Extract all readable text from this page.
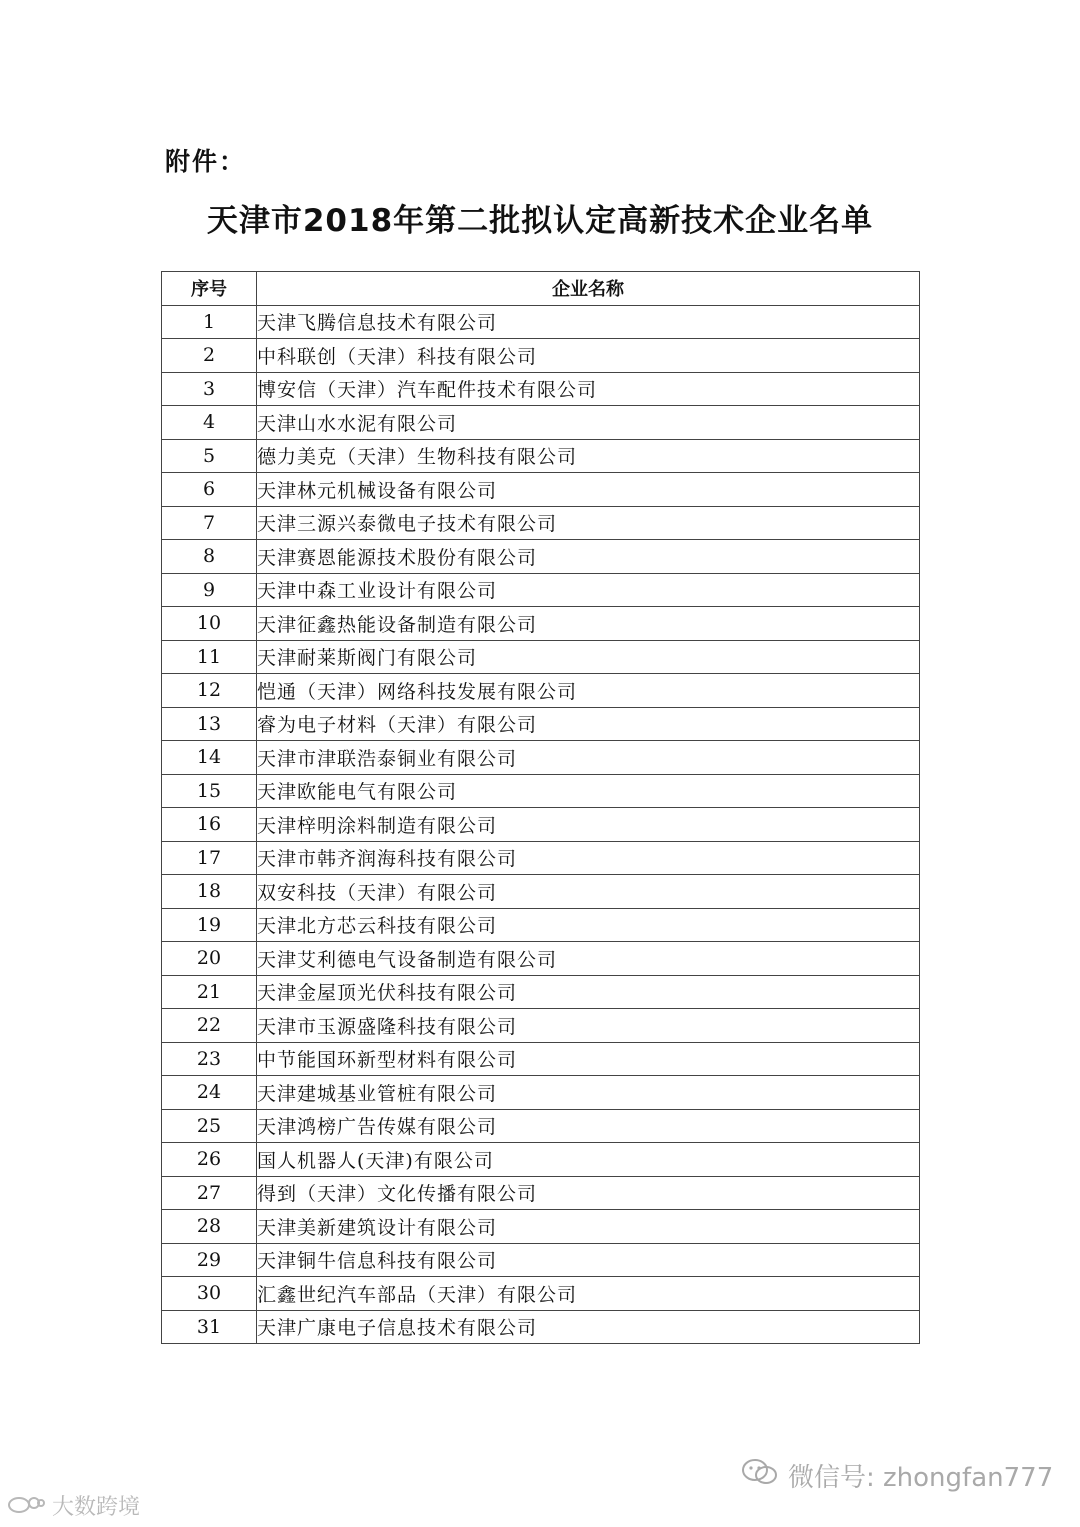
附件：
天津市2018年第二批拟认定高新技术企业名单
序号	企业名称
1	天津飞腾信息技术有限公司
2	中科联创（天津）科技有限公司
3	博安信（天津）汽车配件技术有限公司
4	天津山水水泥有限公司
5	德力美克（天津）生物科技有限公司
6	天津林元机械设备有限公司
7	天津三源兴泰微电子技术有限公司
8	天津赛恩能源技术股份有限公司
9	天津中森工业设计有限公司
10	天津征鑫热能设备制造有限公司
11	天津耐莱斯阀门有限公司
12	恺通（天津）网络科技发展有限公司
13	睿为电子材料（天津）有限公司
14	天津市津联浩泰铜业有限公司
15	天津欧能电气有限公司
16	天津梓明涂料制造有限公司
17	天津市韩齐润海科技有限公司
18	双安科技（天津）有限公司
19	天津北方芯云科技有限公司
20	天津艾利德电气设备制造有限公司
21	天津金屋顶光伏科技有限公司
22	天津市玉源盛隆科技有限公司
23	中节能国环新型材料有限公司
24	天津建城基业管桩有限公司
25	天津鸿榜广告传媒有限公司
26	国人机器人(天津)有限公司
27	得到（天津）文化传播有限公司
28	天津美新建筑设计有限公司
29	天津铜牛信息科技有限公司
30	汇鑫世纪汽车部品（天津）有限公司
31	天津广康电子信息技术有限公司
微信号: zhongfan777
大数跨境
